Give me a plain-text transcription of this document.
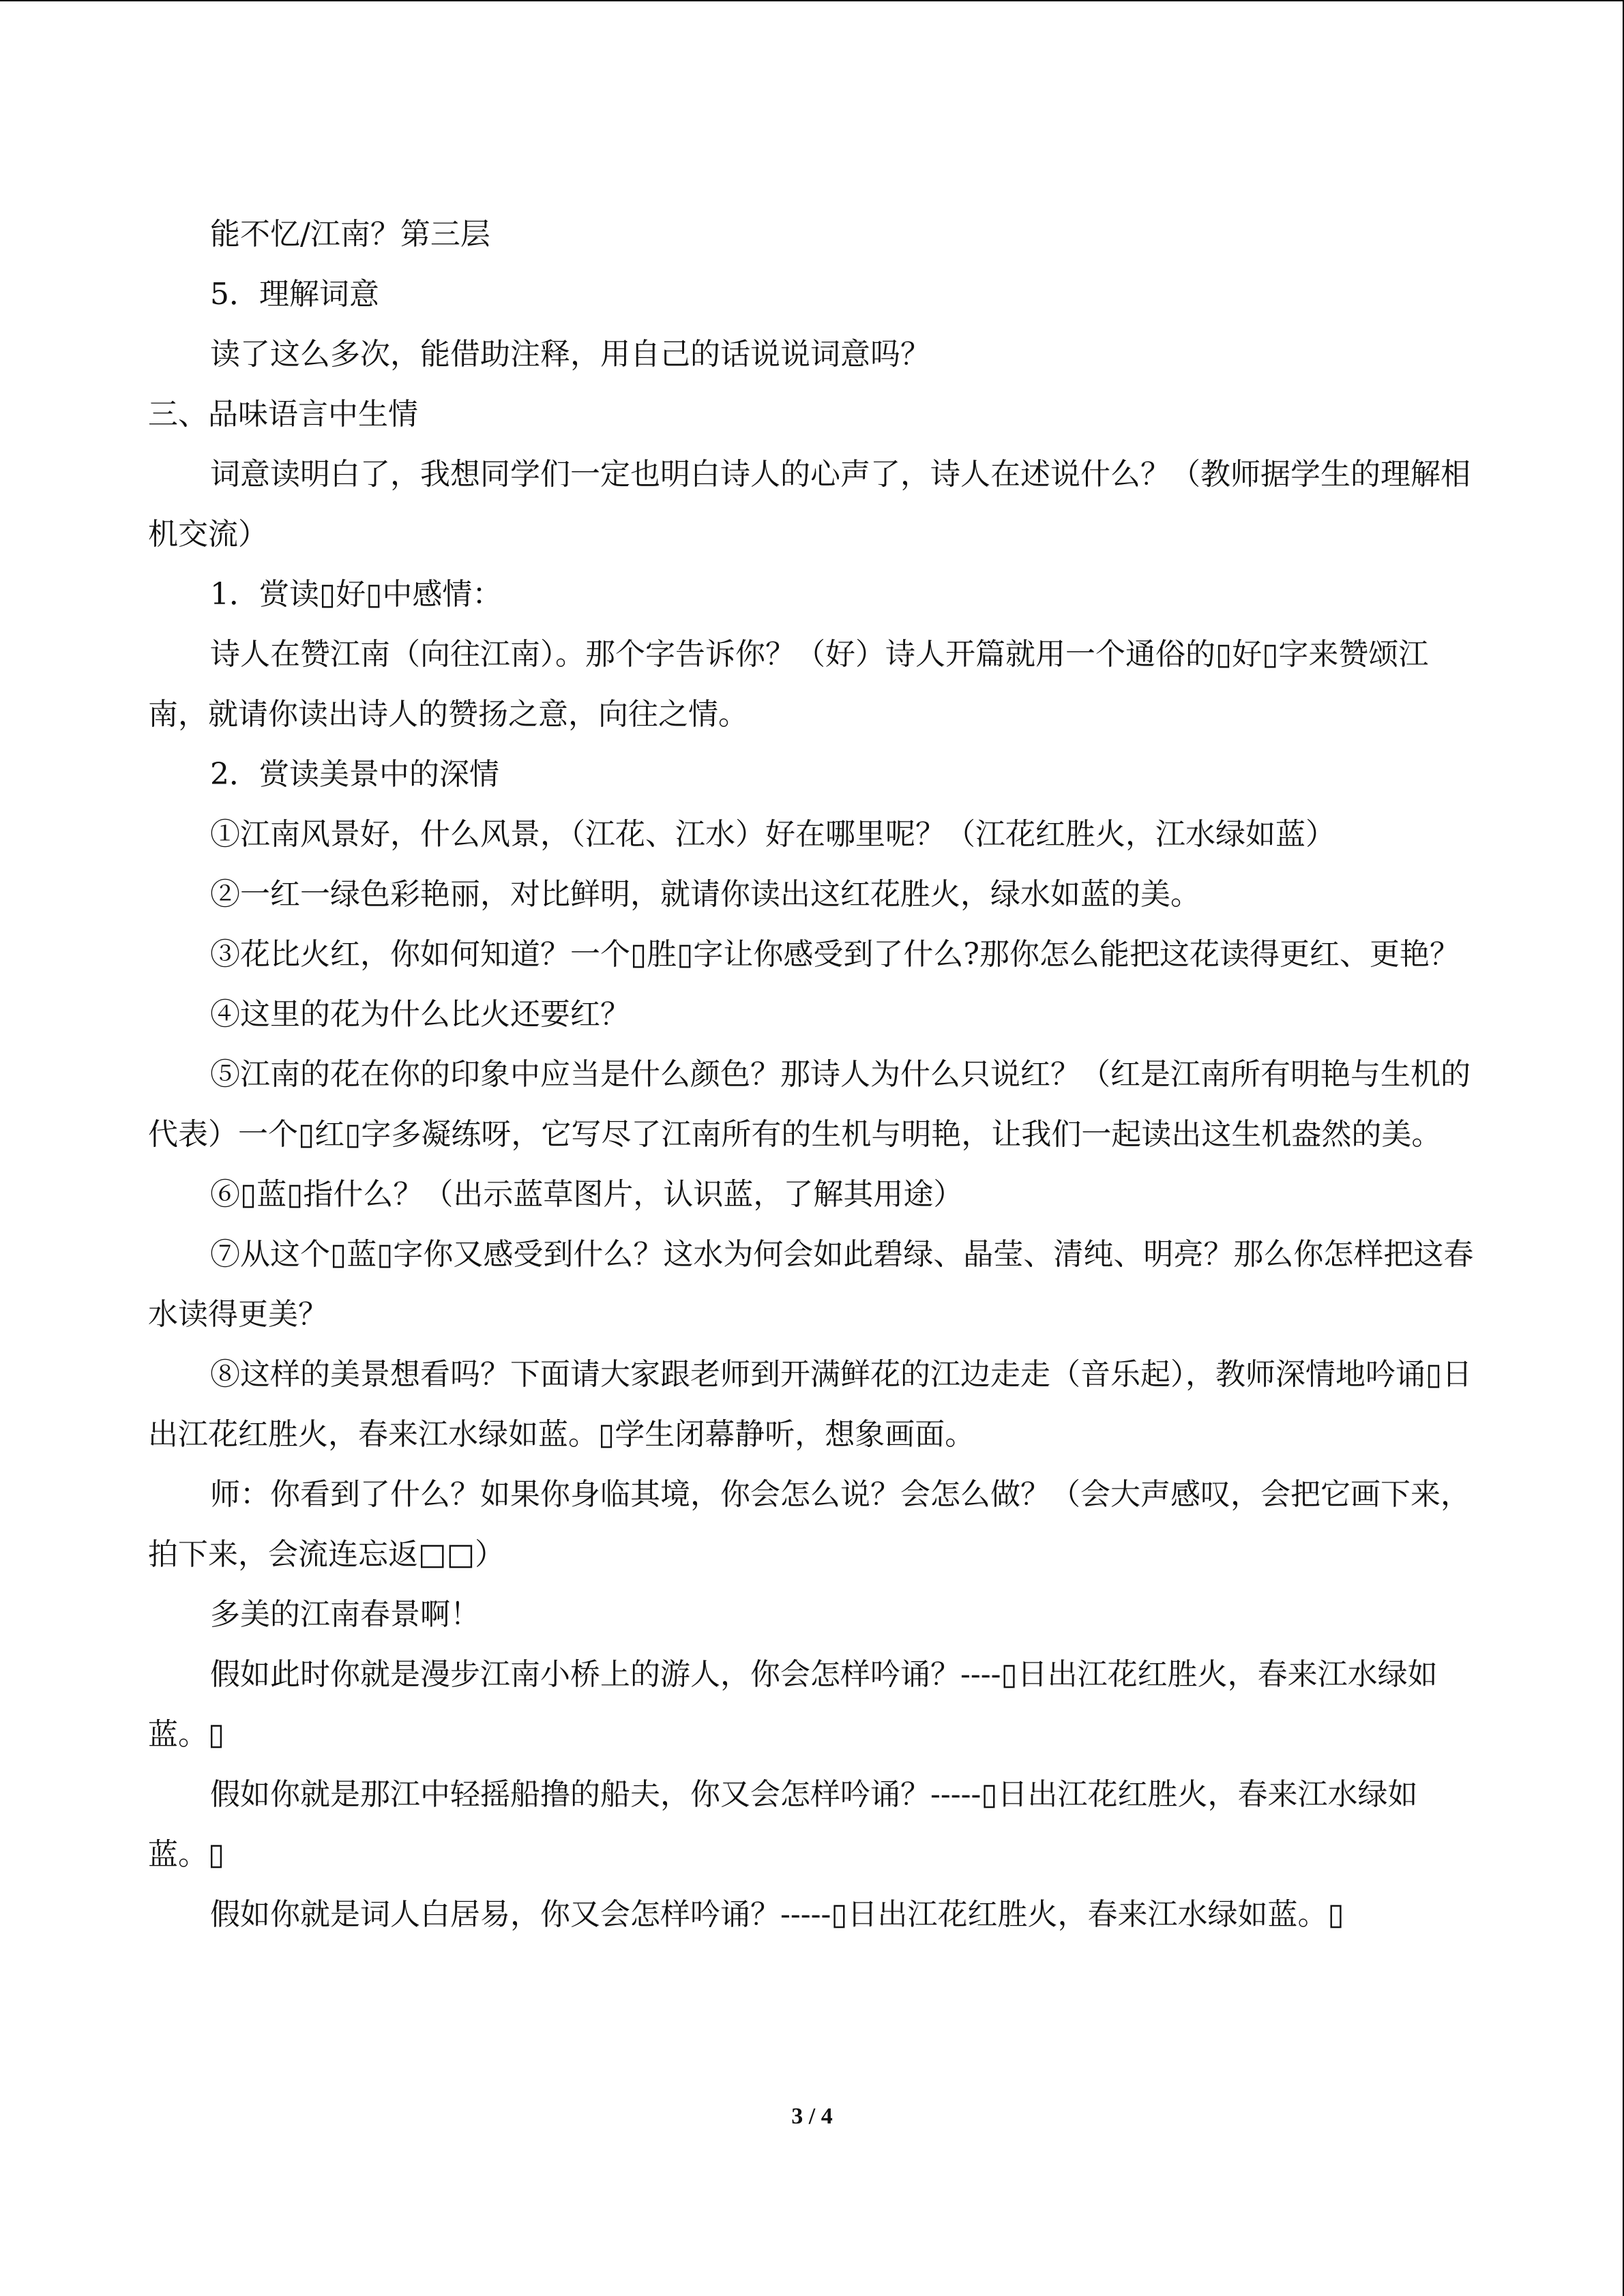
能不忆/江南？第三层

5．理解词意

读了这么多次，能借助注释，用自己的话说说词意吗？

三、品味语言中生情

词意读明白了，我想同学们一定也明白诗人的心声了，诗人在述说什么？（教师据学生的理解相机交流）

1．赏读▯好▯中感情：

诗人在赞江南（向往江南）。那个字告诉你？（好）诗人开篇就用一个通俗的▯好▯字来赞颂江南，就请你读出诗人的赞扬之意，向往之情。

2．赏读美景中的深情

①江南风景好，什么风景，（江花、江水）好在哪里呢？（江花红胜火，江水绿如蓝）

②一红一绿色彩艳丽，对比鲜明，就请你读出这红花胜火，绿水如蓝的美。

③花比火红，你如何知道？一个▯胜▯字让你感受到了什么?那你怎么能把这花读得更红、更艳？

④这里的花为什么比火还要红？

⑤江南的花在你的印象中应当是什么颜色？那诗人为什么只说红？（红是江南所有明艳与生机的代表）一个▯红▯字多凝练呀，它写尽了江南所有的生机与明艳，让我们一起读出这生机盎然的美。

⑥▯蓝▯指什么？（出示蓝草图片，认识蓝，了解其用途）

⑦从这个▯蓝▯字你又感受到什么？这水为何会如此碧绿、晶莹、清纯、明亮？那么你怎样把这春水读得更美？

⑧这样的美景想看吗？下面请大家跟老师到开满鲜花的江边走走（音乐起），教师深情地吟诵▯日出江花红胜火，春来江水绿如蓝。▯学生闭幕静听，想象画面。

师：你看到了什么？如果你身临其境，你会怎么说？会怎么做？（会大声感叹，会把它画下来，拍下来，会流连忘返□□）

多美的江南春景啊！

假如此时你就是漫步江南小桥上的游人，你会怎样吟诵？----▯日出江花红胜火，春来江水绿如蓝。▯

假如你就是那江中轻摇船撸的船夫，你又会怎样吟诵？-----▯日出江花红胜火，春来江水绿如蓝。▯

假如你就是词人白居易，你又会怎样吟诵？-----▯日出江花红胜火，春来江水绿如蓝。▯

3 / 4
